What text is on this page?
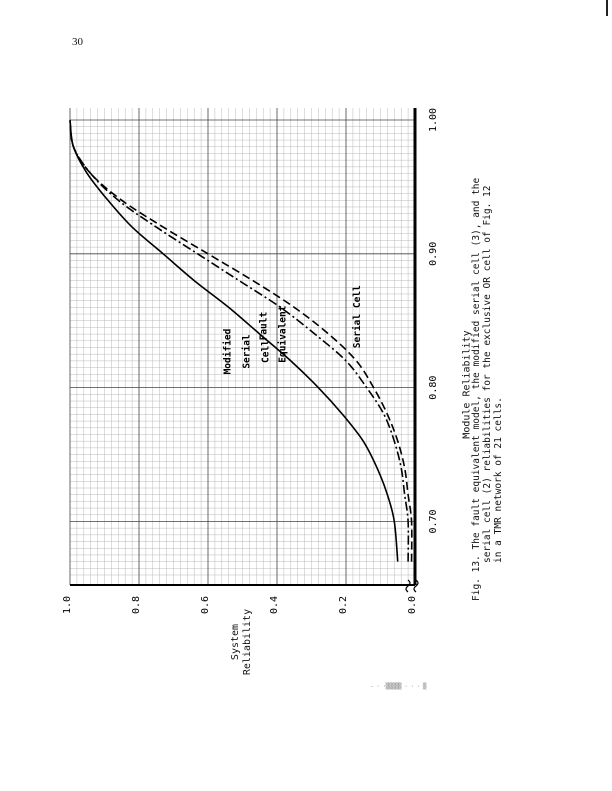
30
0.70
0.80
0.90
1.00
1.0	0.8	0.6	0.4	0.2	0.0
Modified Serial Cell
Fault Equivalent	Serial Cell
Module Reliability
System Reliability
Fig. 13. The fault equivalent model, the modified serial cell (3), and the serial cell (2) reliabilities for the exclusive OR cell of Fig. 12 in a TMR network of 21 cells.
- · ·▒▒▒▒▒ · · · ▒
